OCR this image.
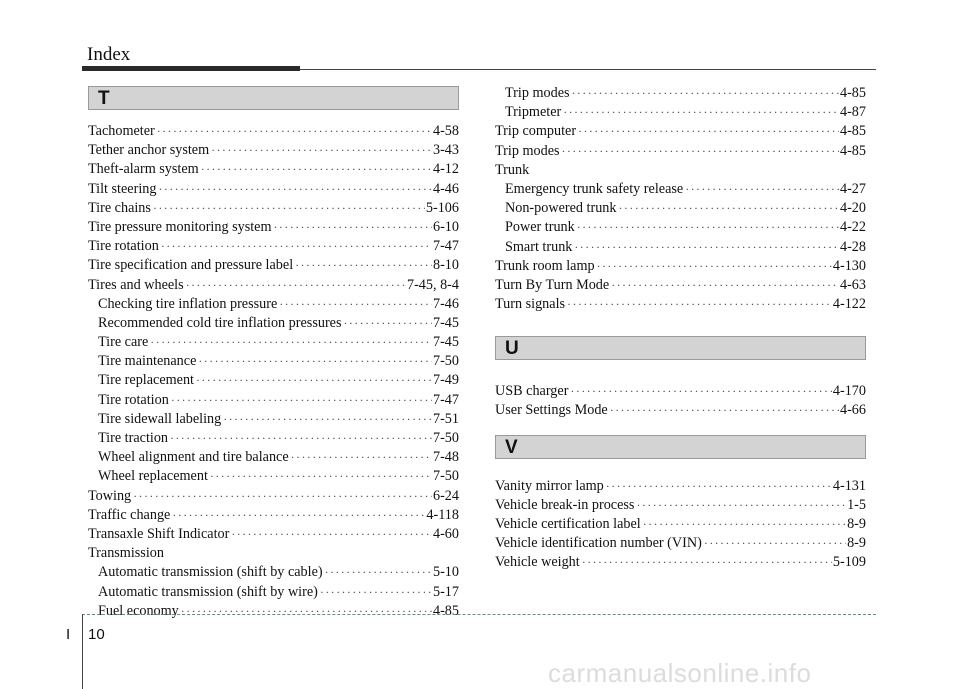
Index
T
Tachometer ·····	4-58
Tether anchor system ·····	3-43
Theft-alarm system ·····	4-12
Tilt steering ·····	4-46
Tire chains ·····	5-106
Tire pressure monitoring system ·····	6-10
Tire rotation ·····	7-47
Tire specification and pressure label ·····	8-10
Tires and wheels ·····	7-45, 8-4
Checking tire inflation pressure ·····	7-46
Recommended cold tire inflation pressures ·····	7-45
Tire care ·····	7-45
Tire maintenance ·····	7-50
Tire replacement ·····	7-49
Tire rotation ·····	7-47
Tire sidewall labeling ·····	7-51
Tire traction ·····	7-50
Wheel alignment and tire balance ·····	7-48
Wheel replacement ·····	7-50
Towing ·····	6-24
Traffic change ·····	4-118
Transaxle Shift Indicator ·····	4-60
Transmission
Automatic transmission (shift by cable) ·····	5-10
Automatic transmission (shift by wire) ·····	5-17
Fuel economy ·····	4-85
Trip modes ·····	4-85
Tripmeter ·····	4-87
Trip computer ·····	4-85
Trip modes ·····	4-85
Trunk
Emergency trunk safety release ·····	4-27
Non-powered trunk ·····	4-20
Power trunk ·····	4-22
Smart trunk ·····	4-28
Trunk room lamp ·····	4-130
Turn By Turn Mode ·····	4-63
Turn signals ·····	4-122
U
USB charger ·····	4-170
User Settings Mode ·····	4-66
V
Vanity mirror lamp ·····	4-131
Vehicle break-in process ·····	1-5
Vehicle certification label ·····	8-9
Vehicle identification number (VIN) ·····	8-9
Vehicle weight ·····	5-109
I 10
carmanualsonline.info
